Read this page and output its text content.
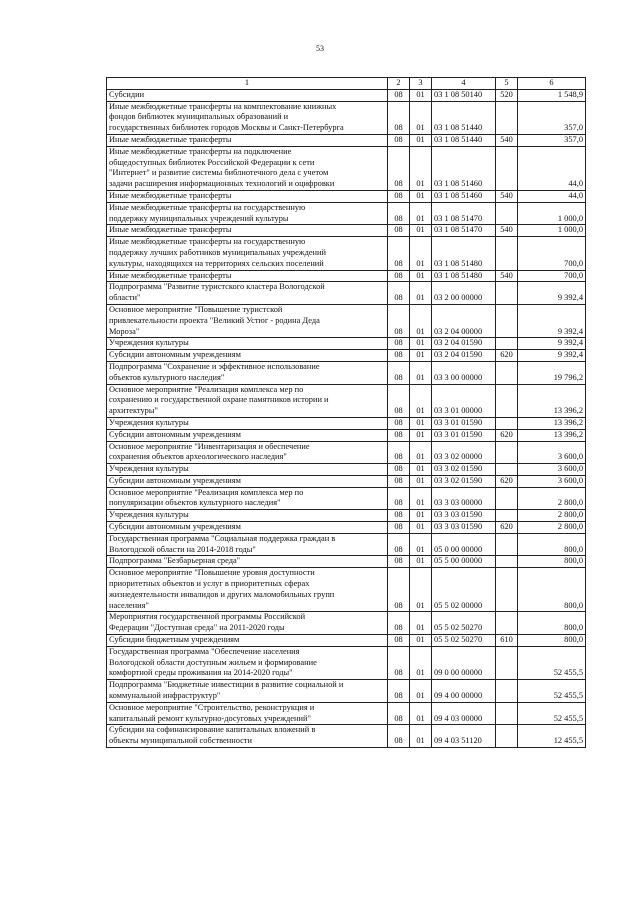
53
1	2	3	4	5	6
Субсидии	08	01	03 1 08 50140	520	1 548,9
Иные межбюджетные трансферты на комплектование книжных
фондов библиотек муниципальных образований и
государственных библиотек городов Москвы и Санкт-Петербурга	08	01	03 1 08 51440		357,0
Иные межбюджетные трансферты	08	01	03 1 08 51440	540	357,0
Иные межбюджетные трансферты на подключение
общедоступных библиотек Российской Федерации к сети
"Интернет" и развитие системы библиотечного дела с учетом
задачи расширения информационных технологий и оцифровки	08	01	03 1 08 51460		44,0
Иные межбюджетные трансферты	08	01	03 1 08 51460	540	44,0
Иные межбюджетные трансферты на государственную
поддержку муниципальных учреждений культуры	08	01	03 1 08 51470		1 000,0
Иные межбюджетные трансферты	08	01	03 1 08 51470	540	1 000,0
Иные межбюджетные трансферты на государственную
поддержку лучших работников муниципальных учреждений
культуры, находящихся на территориях сельских поселений	08	01	03 1 08 51480		700,0
Иные межбюджетные трансферты	08	01	03 1 08 51480	540	700,0
Подпрограмма "Развитие туристского кластера Вологодской
области"	08	01	03 2 00 00000		9 392,4
Основное мероприятие "Повышение туристской
привлекательности проекта "Великий Устюг - родина Деда
Мороза"	08	01	03 2 04 00000		9 392,4
Учреждения культуры	08	01	03 2 04 01590		9 392,4
Субсидии автономным учреждениям	08	01	03 2 04 01590	620	9 392,4
Подпрограмма "Сохранение и эффективное использование
объектов культурного наследия"	08	01	03 3 00 00000		19 796,2
Основное мероприятие "Реализация комплекса мер по
сохранению и государственной охране памятников истории и
архитектуры"	08	01	03 3 01 00000		13 396,2
Учреждения культуры	08	01	03 3 01 01590		13 396,2
Субсидии автономным учреждениям	08	01	03 3 01 01590	620	13 396,2
Основное мероприятие "Инвентаризация и обеспечение
сохранения объектов археологического наследия"	08	01	03 3 02 00000		3 600,0
Учреждения культуры	08	01	03 3 02 01590		3 600,0
Субсидии автономным учреждениям	08	01	03 3 02 01590	620	3 600,0
Основное мероприятие "Реализация комплекса мер по
популяризации объектов культурного наследия"	08	01	03 3 03 00000		2 800,0
Учреждения культуры	08	01	03 3 03 01590		2 800,0
Субсидии автономным учреждениям	08	01	03 3 03 01590	620	2 800,0
Государственная программа "Социальная поддержка граждан в
Вологодской области на 2014-2018 годы"	08	01	05 0 00 00000		800,0
Подпрограмма "Безбарьерная среда"	08	01	05 5 00 00000		800,0
Основное мероприятие "Повышение уровня доступности
приоритетных объектов и услуг в приоритетных сферах
жизнедеятельности инвалидов и других маломобильных групп
населения"	08	01	05 5 02 00000		800,0
Мероприятия государственной программы Российской
Федерации "Доступная среда" на 2011-2020 годы	08	01	05 5 02 50270		800,0
Субсидии бюджетным учреждениям	08	01	05 5 02 50270	610	800,0
Государственная программа "Обеспечение населения
Вологодской области доступным жильем и формирование
комфортной среды проживания на 2014-2020 годы"	08	01	09 0 00 00000		52 455,5
Подпрограмма "Бюджетные инвестиции в развитие социальной и
коммунальной инфраструктур"	08	01	09 4 00 00000		52 455,5
Основное мероприятие "Строительство, реконструкция и
капитальный ремонт культурно-досуговых учреждений"	08	01	09 4 03 00000		52 455,5
Субсидии на софинансирование капитальных вложений в
объекты муниципальной собственности	08	01	09 4 03 51120		12 455,5
